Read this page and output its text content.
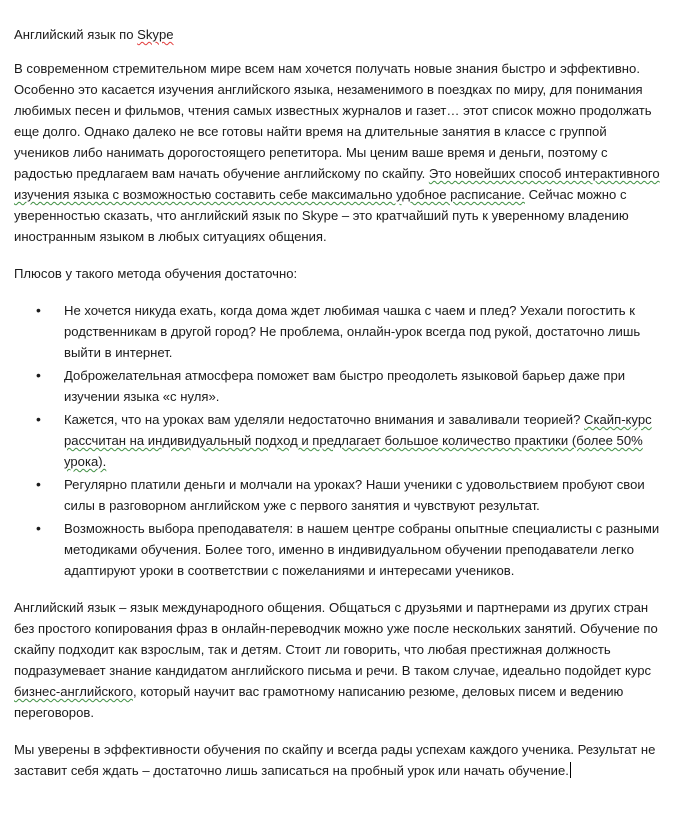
Английский язык по Skype

В современном стремительном мире всем нам хочется получать новые знания быстро и эффективно. Особенно это касается изучения английского языка, незаменимого в поездках по миру, для понимания любимых песен и фильмов, чтения самых известных журналов и газет… этот список можно продолжать еще долго. Однако далеко не все готовы найти время на длительные занятия в классе с группой учеников либо нанимать дорогостоящего репетитора. Мы ценим ваше время и деньги, поэтому с радостью предлагаем вам начать обучение английскому по скайпу. Это новейших способ интерактивного изучения языка с возможностью составить себе максимально удобное расписание. Сейчас можно с уверенностью сказать, что английский язык по Skype – это кратчайший путь к уверенному владению иностранным языком в любых ситуациях общения.

Плюсов у такого метода обучения достаточно:

• Не хочется никуда ехать, когда дома ждет любимая чашка с чаем и плед? Уехали погостить к родственникам в другой город? Не проблема, онлайн-урок всегда под рукой, достаточно лишь выйти в интернет.
• Доброжелательная атмосфера поможет вам быстро преодолеть языковой барьер даже при изучении языка «с нуля».
• Кажется, что на уроках вам уделяли недостаточно внимания и заваливали теорией? Скайп-курс рассчитан на индивидуальный подход и предлагает большое количество практики (более 50% урока).
• Регулярно платили деньги и молчали на уроках? Наши ученики с удовольствием пробуют свои силы в разговорном английском уже с первого занятия и чувствуют результат.
• Возможность выбора преподавателя: в нашем центре собраны опытные специалисты с разными методиками обучения. Более того, именно в индивидуальном обучении преподаватели легко адаптируют уроки в соответствии с пожеланиями и интересами учеников.

Английский язык – язык международного общения. Общаться с друзьями и партнерами из других стран без простого копирования фраз в онлайн-переводчик можно уже после нескольких занятий. Обучение по скайпу подходит как взрослым, так и детям. Стоит ли говорить, что любая престижная должность подразумевает знание кандидатом английского письма и речи. В таком случае, идеально подойдет курс бизнес-английского, который научит вас грамотному написанию резюме, деловых писем и ведению переговоров.

Мы уверены в эффективности обучения по скайпу и всегда рады успехам каждого ученика. Результат не заставит себя ждать – достаточно лишь записаться на пробный урок или начать обучение.
